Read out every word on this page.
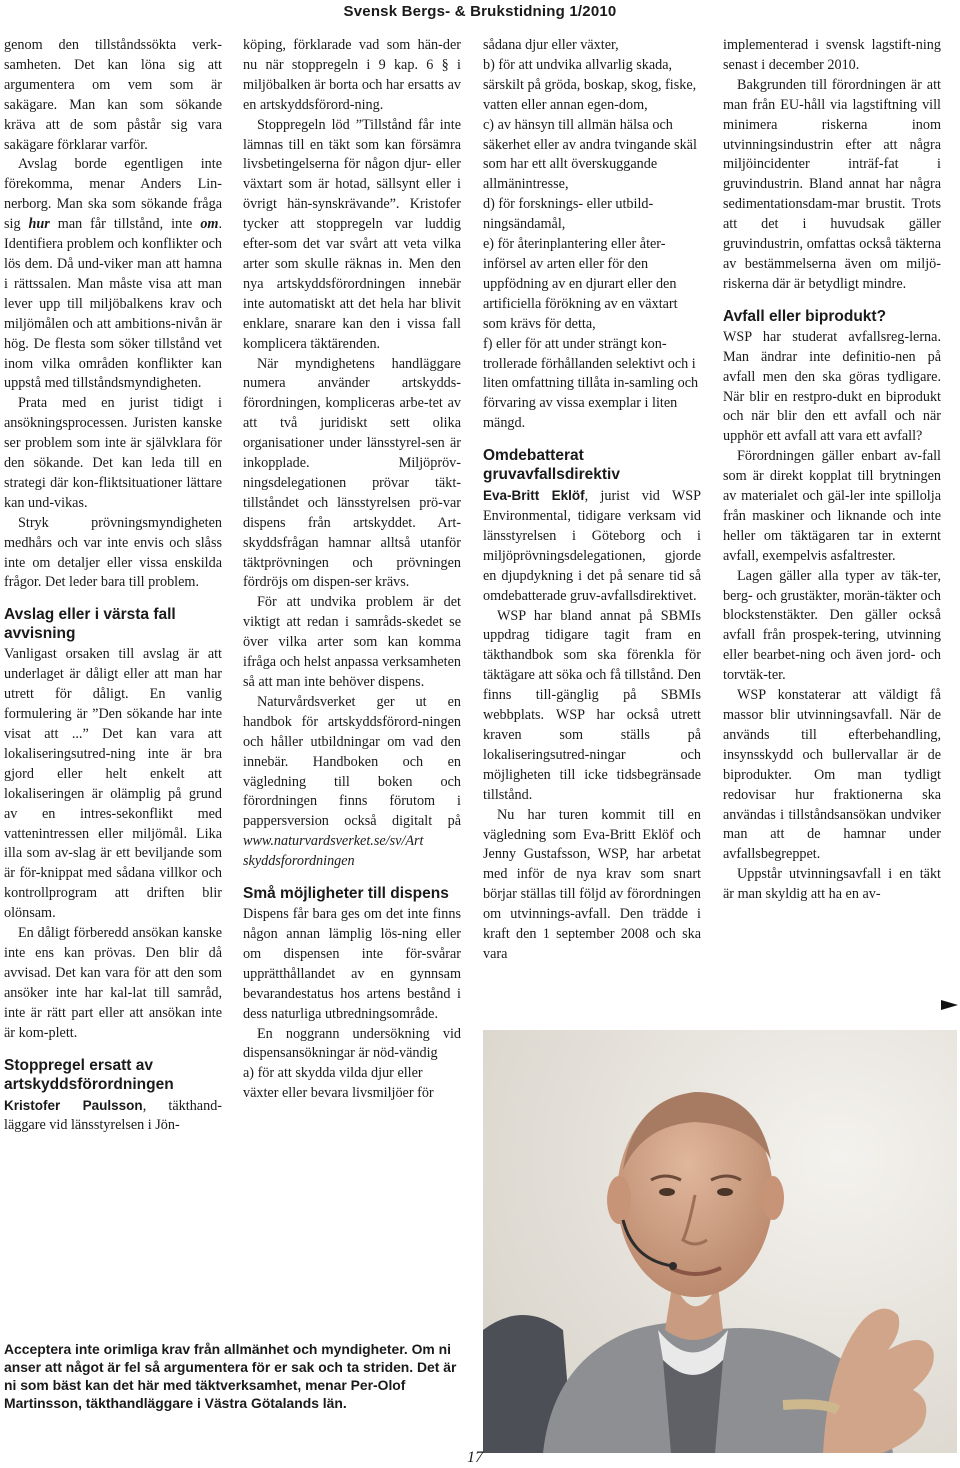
Svensk Bergs- & Brukstidning 1/2010

genom den tillståndssökta verk-samheten. Det kan löna sig att argumentera om vem som är sakägare. Man kan som sökande kräva att de som påstår sig vara sakägare förklarar varför.

Avslag borde egentligen inte förekomma, menar Anders Lin-nerborg. Man ska som sökande fråga sig hur man får tillstånd, inte om. Identifiera problem och konflikter och lös dem. Då und-viker man att hamna i rättssalen. Man måste visa att man lever upp till miljöbalkens krav och miljömålen och att ambitions-nivån är hög. De flesta som söker tillstånd vet inom vilka områden konflikter kan uppstå med tillståndsmyndigheten.

Prata med en jurist tidigt i ansökningsprocessen. Juristen kanske ser problem som inte är självklara för den sökande. Det kan leda till en strategi där kon-fliktsituationer lättare kan und-vikas.

Stryk prövningsmyndigheten medhårs och var inte envis och slåss inte om detaljer eller vissa enskilda frågor. Det leder bara till problem.

Avslag eller i värsta fall avvisning

Vanligast orsaken till avslag är att underlaget är dåligt eller att man har utrett för dåligt. En vanlig formulering är ”Den sökande har inte visat att ...” Det kan vara att lokaliseringsutred-ning inte är bra gjord eller helt enkelt att lokaliseringen är olämplig på grund av en intres-sekonflikt med vattenintressen eller miljömål. Lika illa som av-slag är ett beviljande som är för-knippat med sådana villkor och kontrollprogram att driften blir olönsam.

En dåligt förberedd ansökan kanske inte ens kan prövas. Den blir då avvisad. Det kan vara för att den som ansöker inte har kal-lat till samråd, inte är rätt part eller att ansökan inte är kom-plett.

Stoppregel ersatt av artskyddsförordningen

Kristofer Paulsson, täkthand-läggare vid länsstyrelsen i Jön-

köping, förklarade vad som hän-der nu när stoppregeln i 9 kap. 6 § i miljöbalken är borta och har ersatts av en artskyddsförord-ning.

Stoppregeln löd ”Tillstånd får inte lämnas till en täkt som kan försämra livsbetingelserna för någon djur- eller växtart som är hotad, sällsynt eller i övrigt hän-synskrävande”. Kristofer tycker att stoppregeln var luddig efter-som det var svårt att veta vilka arter som skulle räknas in. Men den nya artskyddsförordningen innebär inte automatiskt att det hela har blivit enklare, snarare kan den i vissa fall komplicera täktärenden.

När myndighetens handläggare numera använder artskydds-förordningen, kompliceras arbe-tet av att två juridiskt sett olika organisationer under länsstyrel-sen är inkopplade. Miljöpröv-ningsdelegationen prövar täkt-tillståndet och länsstyrelsen prö-var dispens från artskyddet. Art-skyddsfrågan hamnar alltså utanför täktprövningen och prövningen fördröjs om dispen-ser krävs.

För att undvika problem är det viktigt att redan i samråds-skedet se över vilka arter som kan komma ifråga och helst anpassa verksamheten så att man inte behöver dispens.

Naturvårdsverket ger ut en handbok för artskyddsförord-ningen och håller utbildningar om vad den innebär. Handboken och en vägledning till boken och förordningen finns förutom i pappersversion också digitalt på www.naturvardsverket.se/sv/Art skyddsforordningen

Små möjligheter till dispens

Dispens får bara ges om det inte finns någon annan lämplig lös-ning eller om dispensen inte för-svårar upprätthållandet av en gynnsam bevarandestatus hos artens bestånd i dess naturliga utbredningsområde.

En noggrann undersökning vid dispensansökningar är nöd-vändig

a) för att skydda vilda djur eller växter eller bevara livsmiljöer för

sådana djur eller växter,

b) för att undvika allvarlig skada, särskilt på gröda, boskap, skog, fiske, vatten eller annan egen-dom,

c) av hänsyn till allmän hälsa och säkerhet eller av andra tvingande skäl som har ett allt överskuggande allmänintresse,

d) för forsknings- eller utbild-ningsändamål,

e) för återinplantering eller åter-införsel av arten eller för den uppfödning av en djurart eller den artificiella förökning av en växtart som krävs för detta,

f) eller för att under strängt kon-trollerade förhållanden selektivt och i liten omfattning tillåta in-samling och förvaring av vissa exemplar i liten mängd.

Omdebatterat gruvavfallsdirektiv

Eva-Britt Eklöf, jurist vid WSP Environmental, tidigare verksam vid länsstyrelsen i Göteborg och i miljöprövningsdelegationen, gjorde en djupdykning i det på senare tid så omdebatterade gruv-avfallsdirektivet.

WSP har bland annat på SBMIs uppdrag tidigare tagit fram en täkthandbok som ska förenkla för täktägare att söka och få tillstånd. Den finns till-gänglig på SBMIs webbplats. WSP har också utrett kraven som ställs på lokaliseringsutred-ningar och möjligheten till icke tidsbegränsade tillstånd.

Nu har turen kommit till en vägledning som Eva-Britt Eklöf och Jenny Gustafsson, WSP, har arbetat med inför de nya krav som snart börjar ställas till följd av förordningen om utvinnings-avfall. Den trädde i kraft den 1 september 2008 och ska vara

implementerad i svensk lagstift-ning senast i december 2010.

Bakgrunden till förordningen är att man från EU-håll via lagstiftning vill minimera riskerna inom utvinningsindustrin efter att några miljöincidenter inträf-fat i gruvindustrin. Bland annat har några sedimentationsdam-mar brustit. Trots att det i huvudsak gäller gruvindustrin, omfattas också täkterna av bestämmelserna även om miljö-riskerna där är betydligt mindre.

Avfall eller biprodukt?

WSP har studerat avfallsreg-lerna. Man ändrar inte definitio-nen på avfall men den ska göras tydligare. När blir en restpro-dukt en biprodukt och när blir den ett avfall och när upphör ett avfall att vara ett avfall?

Förordningen gäller enbart av-fall som är direkt kopplat till brytningen av materialet och gäl-ler inte spillolja från maskiner och liknande och inte heller om täktägaren tar in externt avfall, exempelvis asfaltrester.

Lagen gäller alla typer av täk-ter, berg- och grustäkter, morän-täkter och blockstenstäkter. Den gäller också avfall från prospek-tering, utvinning eller bearbet-ning och även jord- och torvtäk-ter.

WSP konstaterar att väldigt få massor blir utvinningsavfall. När de används till efterbehandling, insynsskydd och bullervallar är de biprodukter. Om man tydligt redovisar hur fraktionerna ska användas i tillståndsansökan undviker man att de hamnar under avfallsbegreppet.

Uppstår utvinningsavfall i en täkt är man skyldig att ha en av-

Acceptera inte orimliga krav från allmänhet och myndigheter. Om ni anser att något är fel så argumentera för er sak och ta striden. Det är ni som bäst kan det här med täktverksamhet, menar Per-Olof Martinsson, täkthandläggare i Västra Götalands län.
17
